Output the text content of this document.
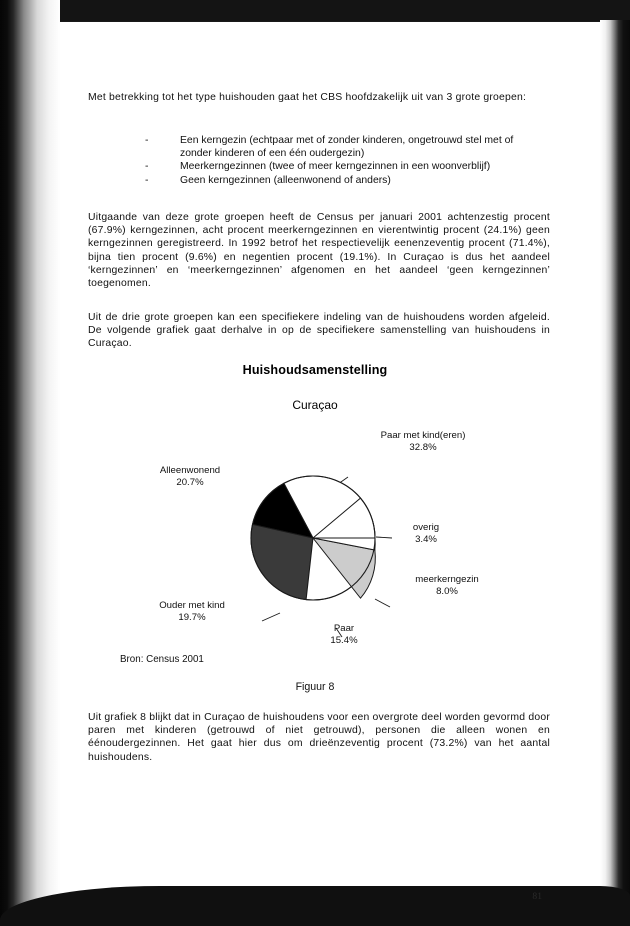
Met betrekking tot het type huishouden gaat het CBS hoofdzakelijk uit van 3 grote groepen:
-	Een kerngezin (echtpaar met of zonder kinderen, ongetrouwd stel met of zonder kinderen of een één oudergezin)
-	Meerkerngezinnen (twee of meer kerngezinnen in een woonverblijf)
-	Geen kerngezinnen (alleenwonend of anders)
Uitgaande van deze grote groepen heeft de Census per januari 2001 achtenzestig procent (67.9%) kerngezinnen, acht procent meerkerngezinnen en vierentwintig procent (24.1%) geen kerngezinnen geregistreerd. In 1992 betrof het respectievelijk eenenzeventig procent (71.4%), bijna tien procent (9.6%) en negentien procent (19.1%). In Curaçao is dus het aandeel ‘kerngezinnen’ en ‘meerkerngezinnen’ afgenomen en het aandeel ‘geen kerngezinnen’ toegenomen.
Uit de drie grote groepen kan een specifiekere indeling van de huishoudens worden afgeleid. De volgende grafiek gaat derhalve in op de specifiekere samenstelling van huishoudens in Curaçao.
Huishoudsamenstelling
Curaçao
Paar met kind(eren)
32.8%
Alleenwonend
20.7%
Ouder met kind
19.7%
Paar
15.4%
meerkerngezin
8.0%
overig
3.4%
Bron: Census 2001
Figuur 8
Uit grafiek 8 blijkt dat in Curaçao de huishoudens voor een overgrote deel worden gevormd door paren met kinderen (getrouwd of niet getrouwd), personen die alleen wonen en éénoudergezinnen. Het gaat hier dus om drieënzeventig procent (73.2%) van het aantal huishoudens.
81
